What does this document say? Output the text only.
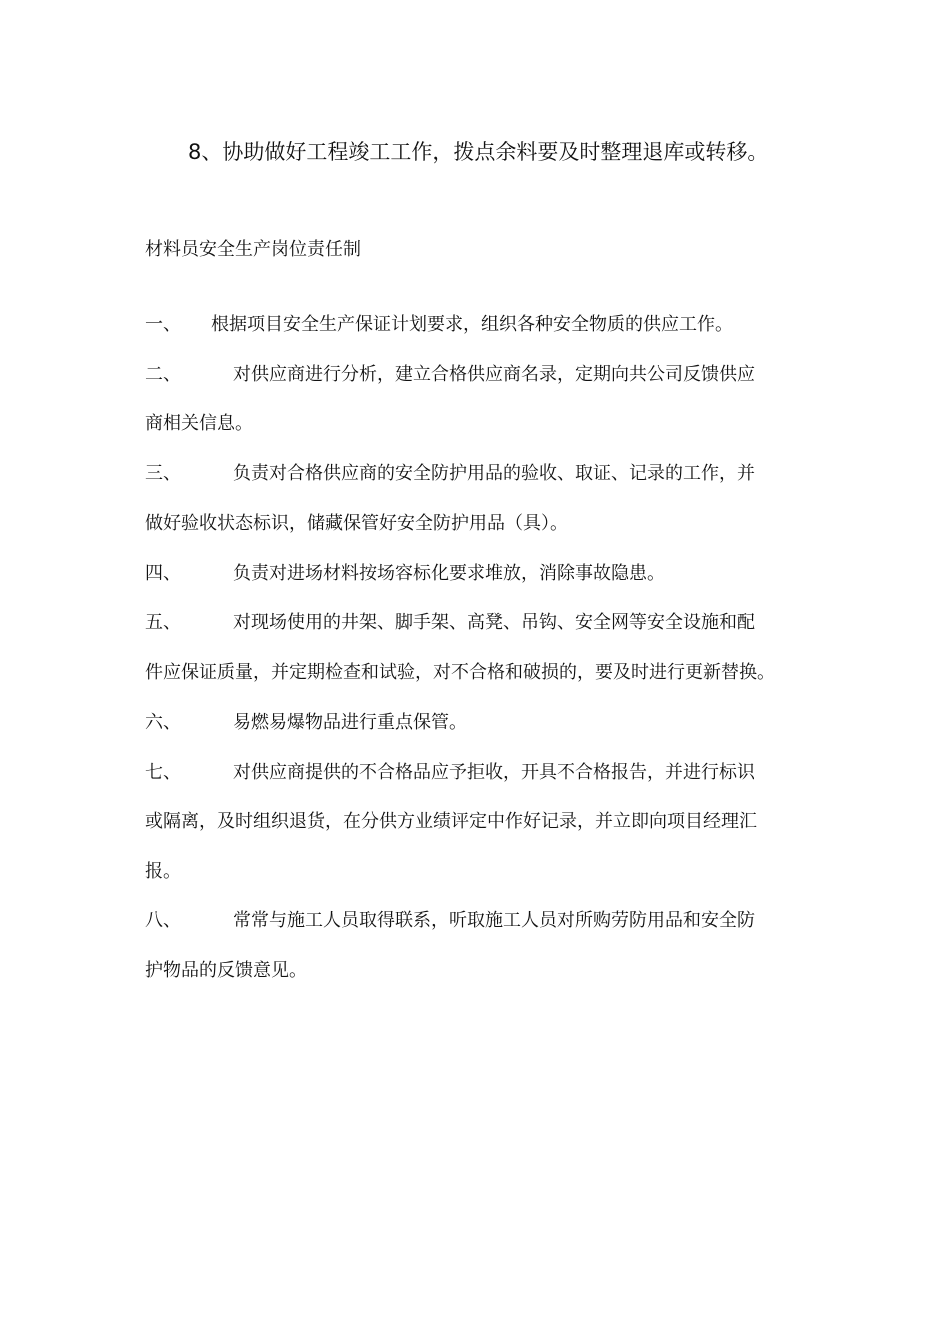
8、协助做好工程竣工工作，拨点余料要及时整理退库或转移。
材料员安全生产岗位责任制
一、 根据项目安全生产保证计划要求，组织各种安全物质的供应工作。
二、	对供应商进行分析，建立合格供应商名录，定期向共公司反馈供应
商相关信息。
三、	负责对合格供应商的安全防护用品的验收、取证、记录的工作，并
做好验收状态标识，储藏保管好安全防护用品（具）。
四、	负责对进场材料按场容标化要求堆放，消除事故隐患。
五、	对现场使用的井架、脚手架、高凳、吊钩、安全网等安全设施和配
件应保证质量，并定期检查和试验，对不合格和破损的，要及时进行更新替换。
六、	易燃易爆物品进行重点保管。
七、	对供应商提供的不合格品应予拒收，开具不合格报告，并进行标识
或隔离，及时组织退货，在分供方业绩评定中作好记录，并立即向项目经理汇
报。
八、	常常与施工人员取得联系，听取施工人员对所购劳防用品和安全防
护物品的反馈意见。
